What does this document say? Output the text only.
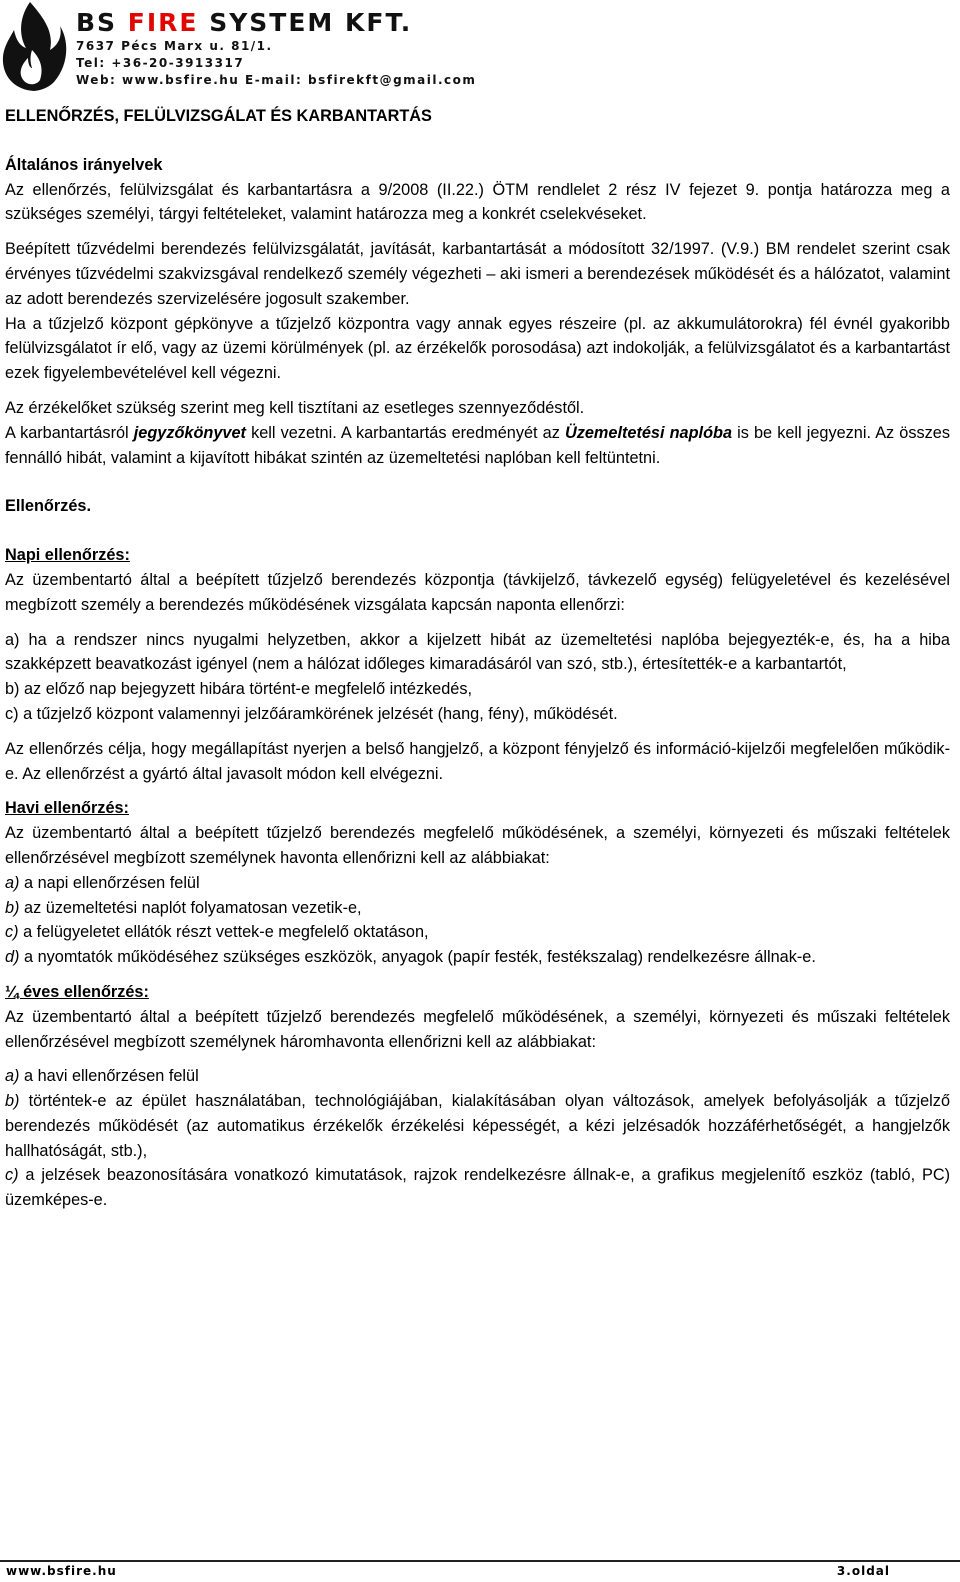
BS FIRE SYSTEM KFT.
7637 Pécs Marx u. 81/1.
Tel: +36-20-3913317
Web: www.bsfire.hu E-mail: bsfirekft@gmail.com

ELLENŐRZÉS, FELÜLVIZSGÁLAT ÉS KARBANTARTÁS

Általános irányelvek

Az ellenőrzés, felülvizsgálat és karbantartásra a 9/2008 (II.22.) ÖTM rendlelet 2 rész IV fejezet 9. pontja határozza meg a szükséges személyi, tárgyi feltételeket, valamint határozza meg a konkrét cselekvéseket.

Beépített tűzvédelmi berendezés felülvizsgálatát, javítását, karbantartását a módosított 32/1997. (V.9.) BM rendelet szerint csak érvényes tűzvédelmi szakvizsgával rendelkező személy végezheti – aki ismeri a berendezések működését és a hálózatot, valamint az adott berendezés szervizelésére jogosult szakember.

Ha a tűzjelző központ gépkönyve a tűzjelző központra vagy annak egyes részeire (pl. az akkumulátorokra) fél évnél gyakoribb felülvizsgálatot ír elő, vagy az üzemi körülmények (pl. az érzékelők porosodása) azt indokolják, a felülvizsgálatot és a karbantartást ezek figyelembevételével kell végezni.

Az érzékelőket szükség szerint meg kell tisztítani az esetleges szennyeződéstől.

A karbantartásról jegyzőkönyvet kell vezetni. A karbantartás eredményét az Üzemeltetési naplóba is be kell jegyezni. Az összes fennálló hibát, valamint a kijavított hibákat szintén az üzemeltetési naplóban kell feltüntetni.

Ellenőrzés.

Napi ellenőrzés:

Az üzembentartó által a beépített tűzjelző berendezés központja (távkijelző, távkezelő egység) felügyeletével és kezelésével megbízott személy a berendezés működésének vizsgálata kapcsán naponta ellenőrzi:

a) ha a rendszer nincs nyugalmi helyzetben, akkor a kijelzett hibát az üzemeltetési naplóba bejegyezték-e, és, ha a hiba szakképzett beavatkozást igényel (nem a hálózat időleges kimaradásáról van szó, stb.), értesítették-e a karbantartót,

b) az előző nap bejegyzett hibára történt-e megfelelő intézkedés,

c) a tűzjelző központ valamennyi jelzőáramkörének jelzését (hang, fény), működését.

Az ellenőrzés célja, hogy megállapítást nyerjen a belső hangjelző, a központ fényjelző és információ-kijelzői megfelelően működik-e. Az ellenőrzést a gyártó által javasolt módon kell elvégezni.

Havi ellenőrzés:

Az üzembentartó által a beépített tűzjelző berendezés megfelelő működésének, a személyi, környezeti és műszaki feltételek ellenőrzésével megbízott személynek havonta ellenőrizni kell az alábbiakat:

a) a napi ellenőrzésen felül

b) az üzemeltetési naplót folyamatosan vezetik-e,

c) a felügyeletet ellátók részt vettek-e megfelelő oktatáson,

d) a nyomtatók működéséhez szükséges eszközök, anyagok (papír festék, festékszalag) rendelkezésre állnak-e.

¼ éves ellenőrzés:

Az üzembentartó által a beépített tűzjelző berendezés megfelelő működésének, a személyi, környezeti és műszaki feltételek ellenőrzésével megbízott személynek háromhavonta ellenőrizni kell az alábbiakat:

a) a havi ellenőrzésen felül

b) történtek-e az épület használatában, technológiájában, kialakításában olyan változások, amelyek befolyásolják a tűzjelző berendezés működését (az automatikus érzékelők érzékelési képességét, a kézi jelzésadók hozzáférhetőségét, a hangjelzők hallhatóságát, stb.),

c) a jelzések beazonosítására vonatkozó kimutatások, rajzok rendelkezésre állnak-e, a grafikus megjelenítő eszköz (tabló, PC) üzemképes-e.

www.bsfire.hu	3.oldal
